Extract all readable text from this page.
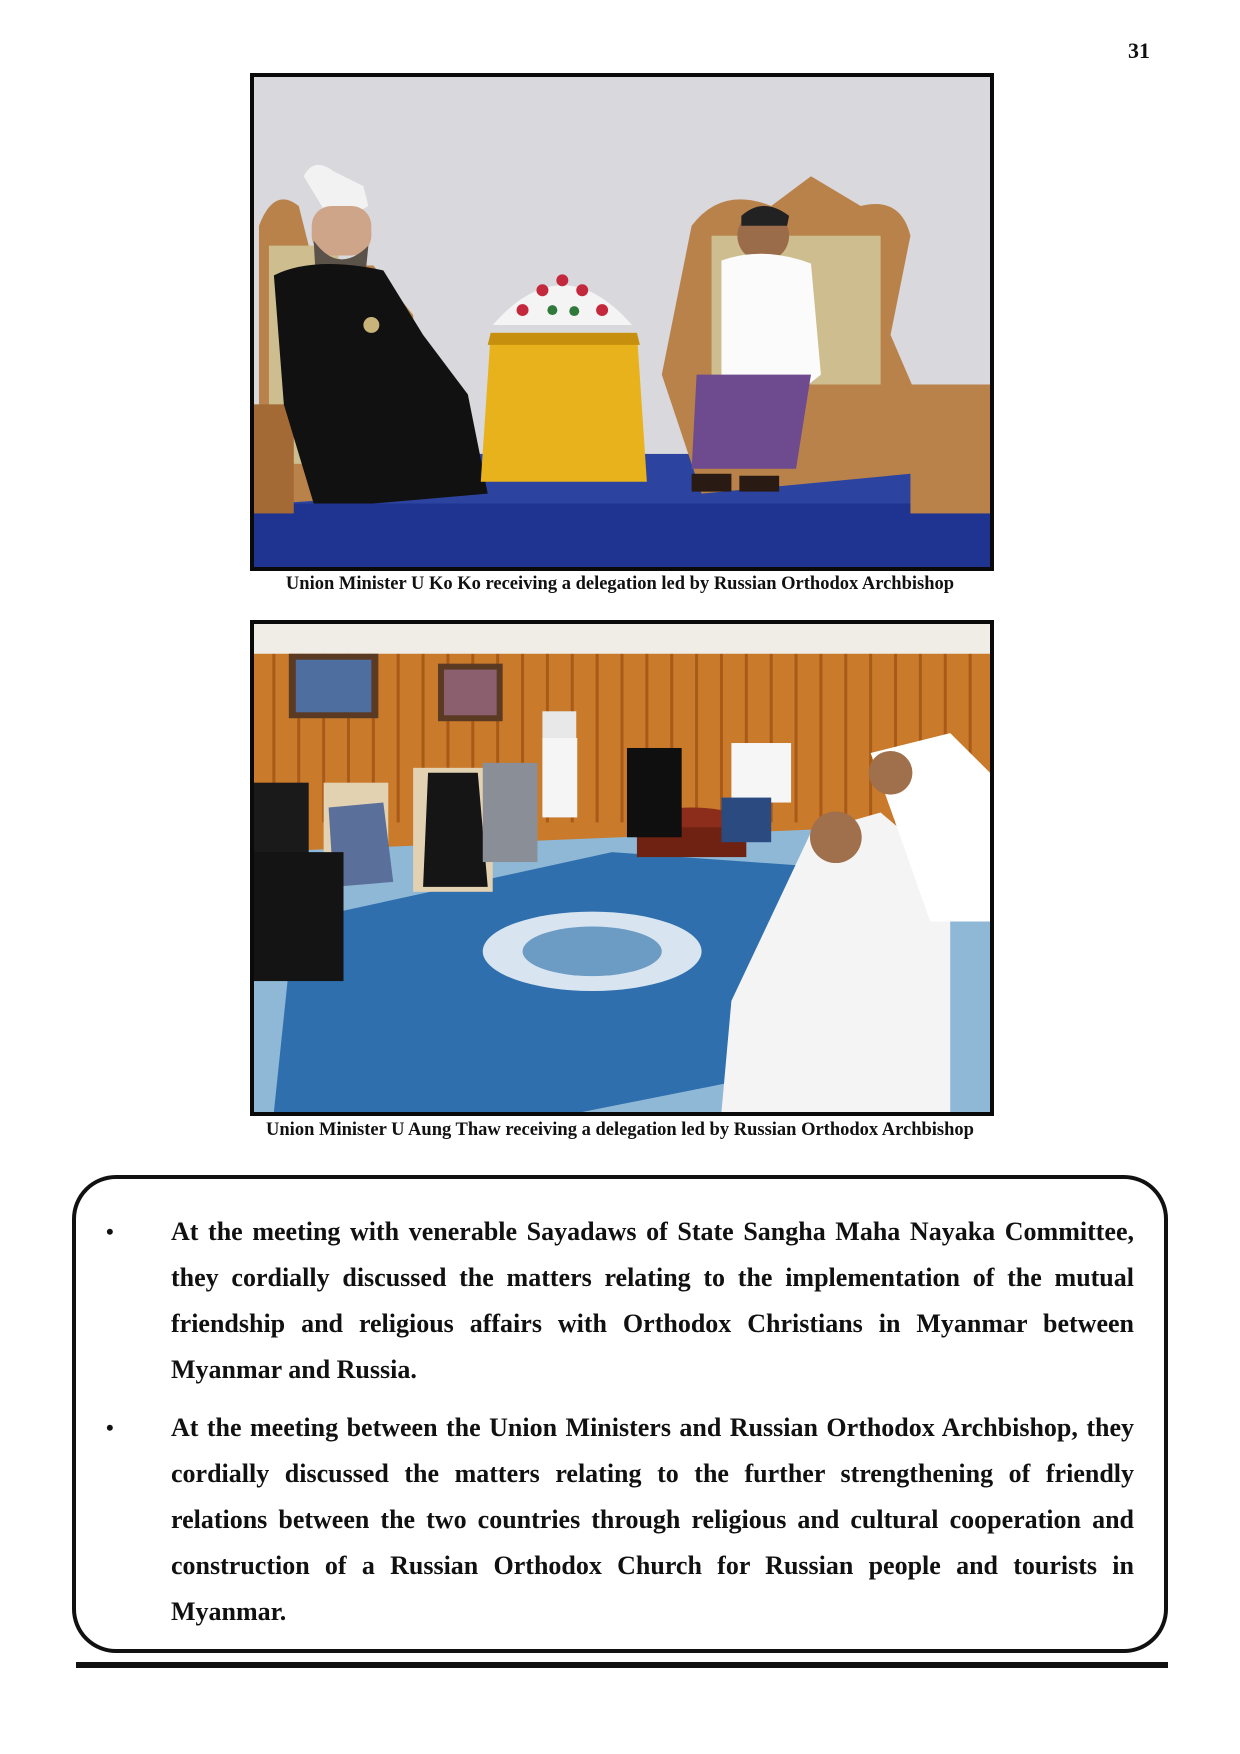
31
Union Minister U Ko Ko receiving a delegation led by Russian Orthodox Archbishop
Union Minister U Aung Thaw receiving a delegation led by Russian Orthodox Archbishop
• At the meeting with venerable Sayadaws of State Sangha Maha Nayaka Committee, they cordially discussed the matters relating to the implementation of the mutual friendship and religious affairs with Orthodox Christians in Myanmar between Myanmar and Russia.
• At the meeting between the Union Ministers and Russian Orthodox Archbishop, they cordially discussed the matters relating to the further strengthening of friendly relations between the two countries through religious and cultural cooperation and construction of a Russian Orthodox Church for Russian people and tourists in Myanmar.
